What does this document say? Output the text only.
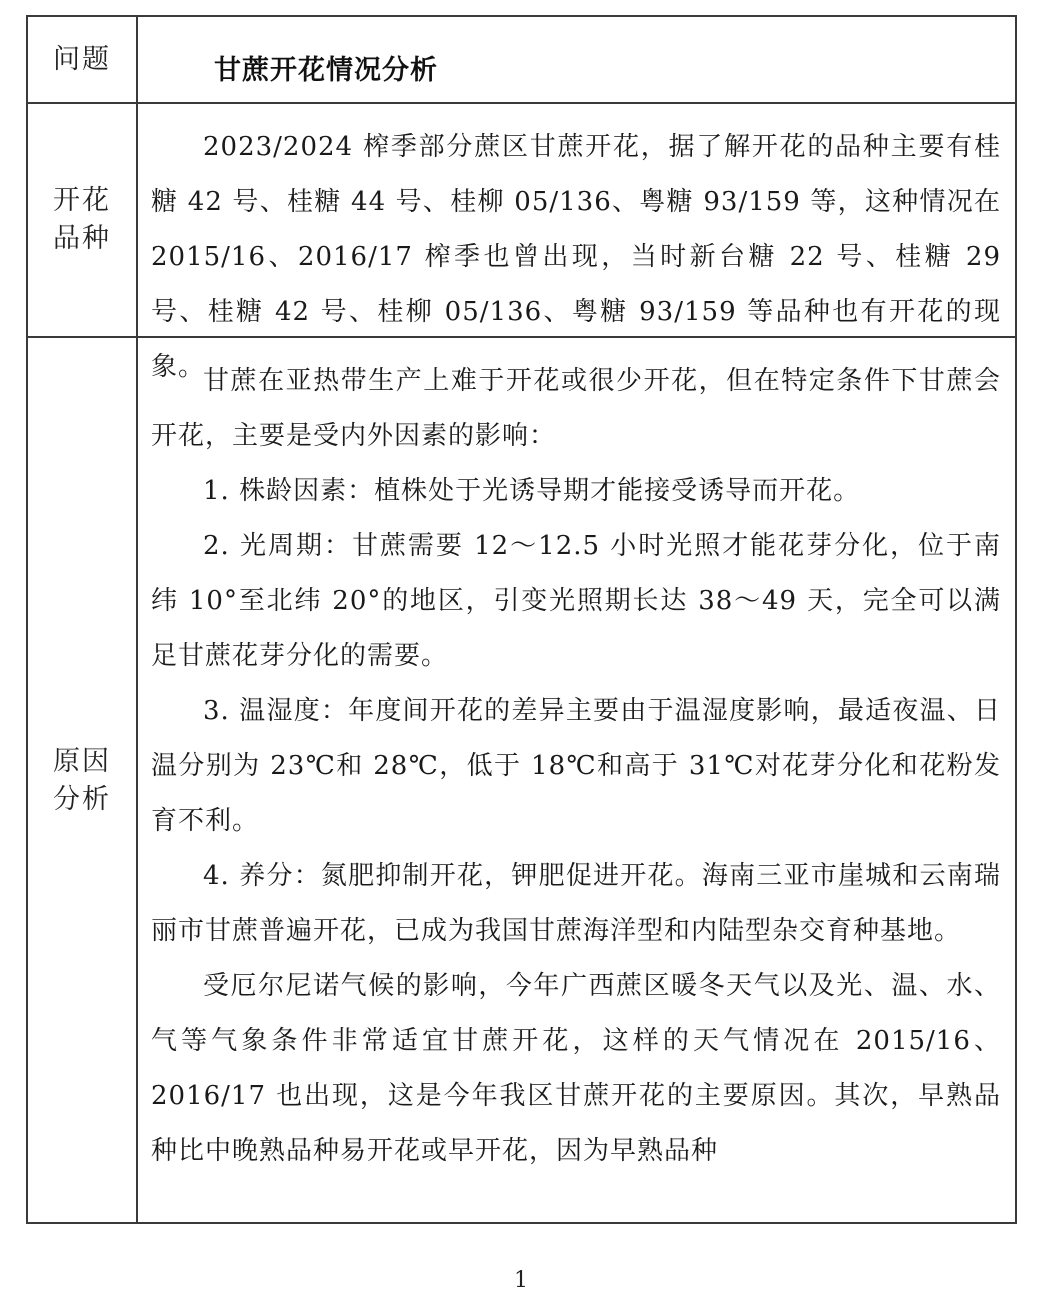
问题	甘蔗开花情况分析
开花
品种

2023/2024 榨季部分蔗区甘蔗开花，据了解开花的品种主要有桂糖 42 号、桂糖 44 号、桂柳 05/136、粤糖 93/159 等，这种情况在 2015/16、2016/17 榨季也曾出现，当时新台糖 22 号、桂糖 29 号、桂糖 42 号、桂柳 05/136、粤糖 93/159 等品种也有开花的现象。

原因
分析

甘蔗在亚热带生产上难于开花或很少开花，但在特定条件下甘蔗会开花，主要是受内外因素的影响：

1. 株龄因素：植株处于光诱导期才能接受诱导而开花。

2. 光周期：甘蔗需要 12～12.5 小时光照才能花芽分化，位于南纬 10°至北纬 20°的地区，引变光照期长达 38～49 天，完全可以满足甘蔗花芽分化的需要。

3. 温湿度：年度间开花的差异主要由于温湿度影响，最适夜温、日温分别为 23℃和 28℃，低于 18℃和高于 31℃对花芽分化和花粉发育不利。

4. 养分：氮肥抑制开花，钾肥促进开花。海南三亚市崖城和云南瑞丽市甘蔗普遍开花，已成为我国甘蔗海洋型和内陆型杂交育种基地。

受厄尔尼诺气候的影响，今年广西蔗区暖冬天气以及光、温、水、气等气象条件非常适宜甘蔗开花，这样的天气情况在 2015/16、2016/17 也出现，这是今年我区甘蔗开花的主要原因。其次，早熟品种比中晚熟品种易开花或早开花，因为早熟品种

1
